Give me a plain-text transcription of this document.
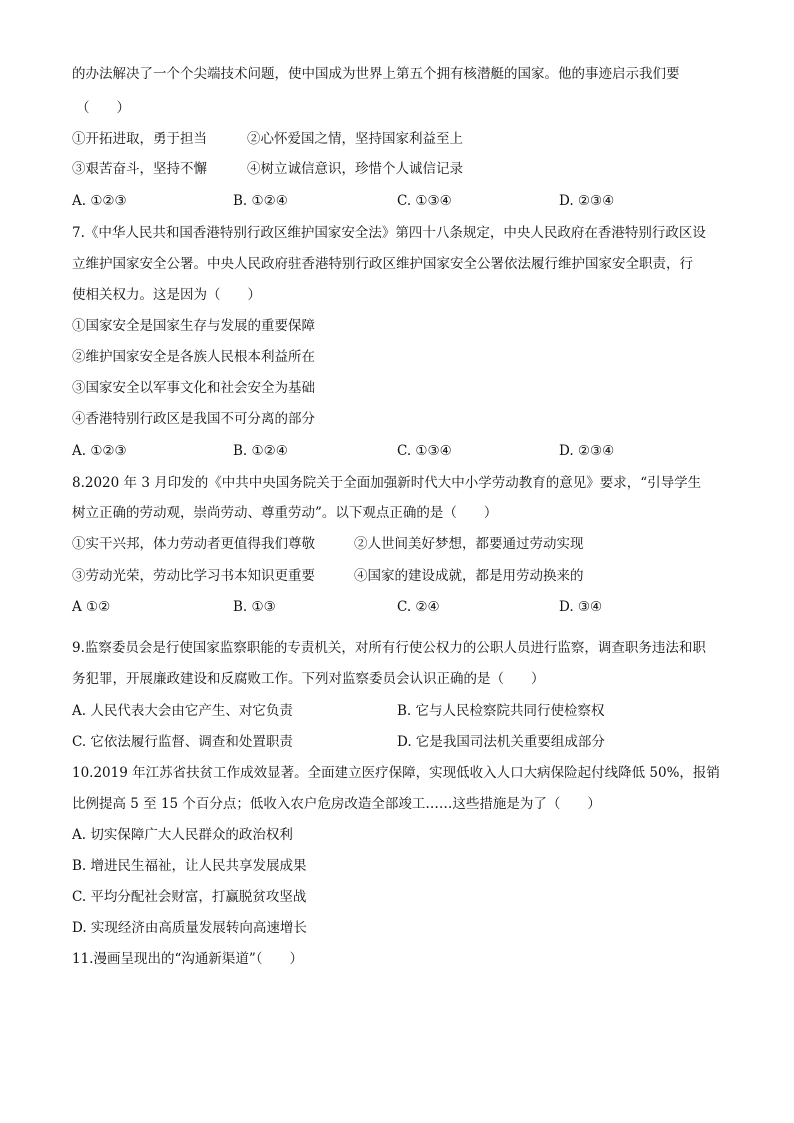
的办法解决了一个个尖端技术问题，使中国成为世界上第五个拥有核潜艇的国家。他的事迹启示我们要
（　　）
①开拓进取，勇于担当	②心怀爱国之情，坚持国家利益至上
③艰苦奋斗，坚持不懈	④树立诚信意识，珍惜个人诚信记录
A. ①②③	B. ①②④	C. ①③④	D. ②③④
7.《中华人民共和国香港特别行政区维护国家安全法》第四十八条规定，中央人民政府在香港特别行政区设
立维护国家安全公署。中央人民政府驻香港特别行政区维护国家安全公署依法履行维护国家安全职责，行
使相关权力。这是因为（　　）
①国家安全是国家生存与发展的重要保障
②维护国家安全是各族人民根本利益所在
③国家安全以军事文化和社会安全为基础
④香港特别行政区是我国不可分离的部分
A. ①②③	B. ①②④	C. ①③④	D. ②③④
8.2020 年 3 月印发的《中共中央国务院关于全面加强新时代大中小学劳动教育的意见》要求，“引导学生
树立正确的劳动观，崇尚劳动、尊重劳动”。以下观点正确的是（　　）
①实干兴邦，体力劳动者更值得我们尊敬	②人世间美好梦想，都要通过劳动实现
③劳动光荣，劳动比学习书本知识更重要	④国家的建设成就，都是用劳动换来的
A ①②	B. ①③	C. ②④	D. ③④
9.监察委员会是行使国家监察职能的专责机关，对所有行使公权力的公职人员进行监察，调查职务违法和职
务犯罪，开展廉政建设和反腐败工作。下列对监察委员会认识正确的是（　　）
A. 人民代表大会由它产生、对它负责	B. 它与人民检察院共同行使检察权
C. 它依法履行监督、调查和处置职责	D. 它是我国司法机关重要组成部分
10.2019 年江苏省扶贫工作成效显著。全面建立医疗保障，实现低收入人口大病保险起付线降低 50%，报销
比例提高 5 至 15 个百分点；低收入农户危房改造全部竣工……这些措施是为了（　　）
A. 切实保障广大人民群众的政治权利
B. 增进民生福祉，让人民共享发展成果
C. 平均分配社会财富，打赢脱贫攻坚战
D. 实现经济由高质量发展转向高速增长
11.漫画呈现出的“沟通新渠道”（　　）
